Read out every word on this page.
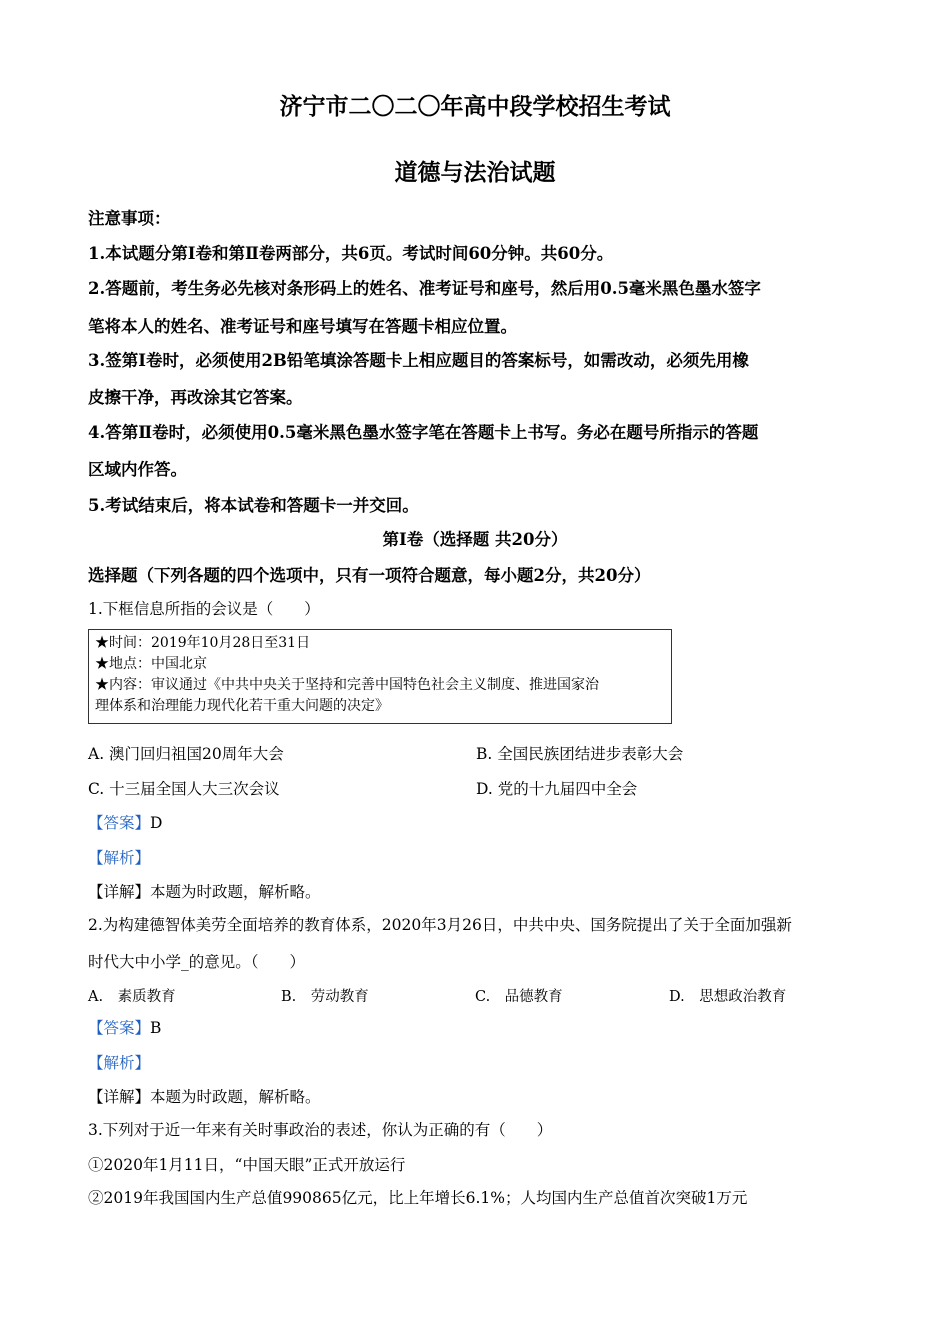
济宁市二〇二〇年高中段学校招生考试
道德与法治试题
注意事项：
1.本试题分第Ⅰ卷和第Ⅱ卷两部分，共6页。考试时间60分钟。共60分。
2.答题前，考生务必先核对条形码上的姓名、准考证号和座号，然后用0.5毫米黑色墨水签字
笔将本人的姓名、准考证号和座号填写在答题卡相应位置。
3.签第Ⅰ卷时，必须使用2B铅笔填涂答题卡上相应题目的答案标号，如需改动，必须先用橡
皮擦干净，再改涂其它答案。
4.答第Ⅱ卷时，必须使用0.5毫米黑色墨水签字笔在答题卡上书写。务必在题号所指示的答题
区域内作答。
5.考试结束后，将本试卷和答题卡一并交回。
第Ⅰ卷（选择题 共20分）
选择题（下列各题的四个选项中，只有一项符合题意，每小题2分，共20分）
1.下框信息所指的会议是（　　）
★时间：2019年10月28日至31日
★地点：中国北京
★内容：审议通过《中共中央关于坚持和完善中国特色社会主义制度、推进国家治
理体系和治理能力现代化若干重大问题的决定》
A. 澳门回归祖国20周年大会	B. 全国民族团结进步表彰大会
C. 十三届全国人大三次会议	D. 党的十九届四中全会
【答案】D
【解析】
【详解】本题为时政题，解析略。
2.为构建德智体美劳全面培养的教育体系，2020年3月26日，中共中央、国务院提出了关于全面加强新
时代大中小学_的意见。（　　）
A.　素质教育	B.　劳动教育	C.　品德教育	D.　思想政治教育
【答案】B
【解析】
【详解】本题为时政题，解析略。
3.下列对于近一年来有关时事政治的表述，你认为正确的有（　　）
①2020年1月11日，“中国天眼”正式开放运行
②2019年我国国内生产总值990865亿元，比上年增长6.1%；人均国内生产总值首次突破1万元
